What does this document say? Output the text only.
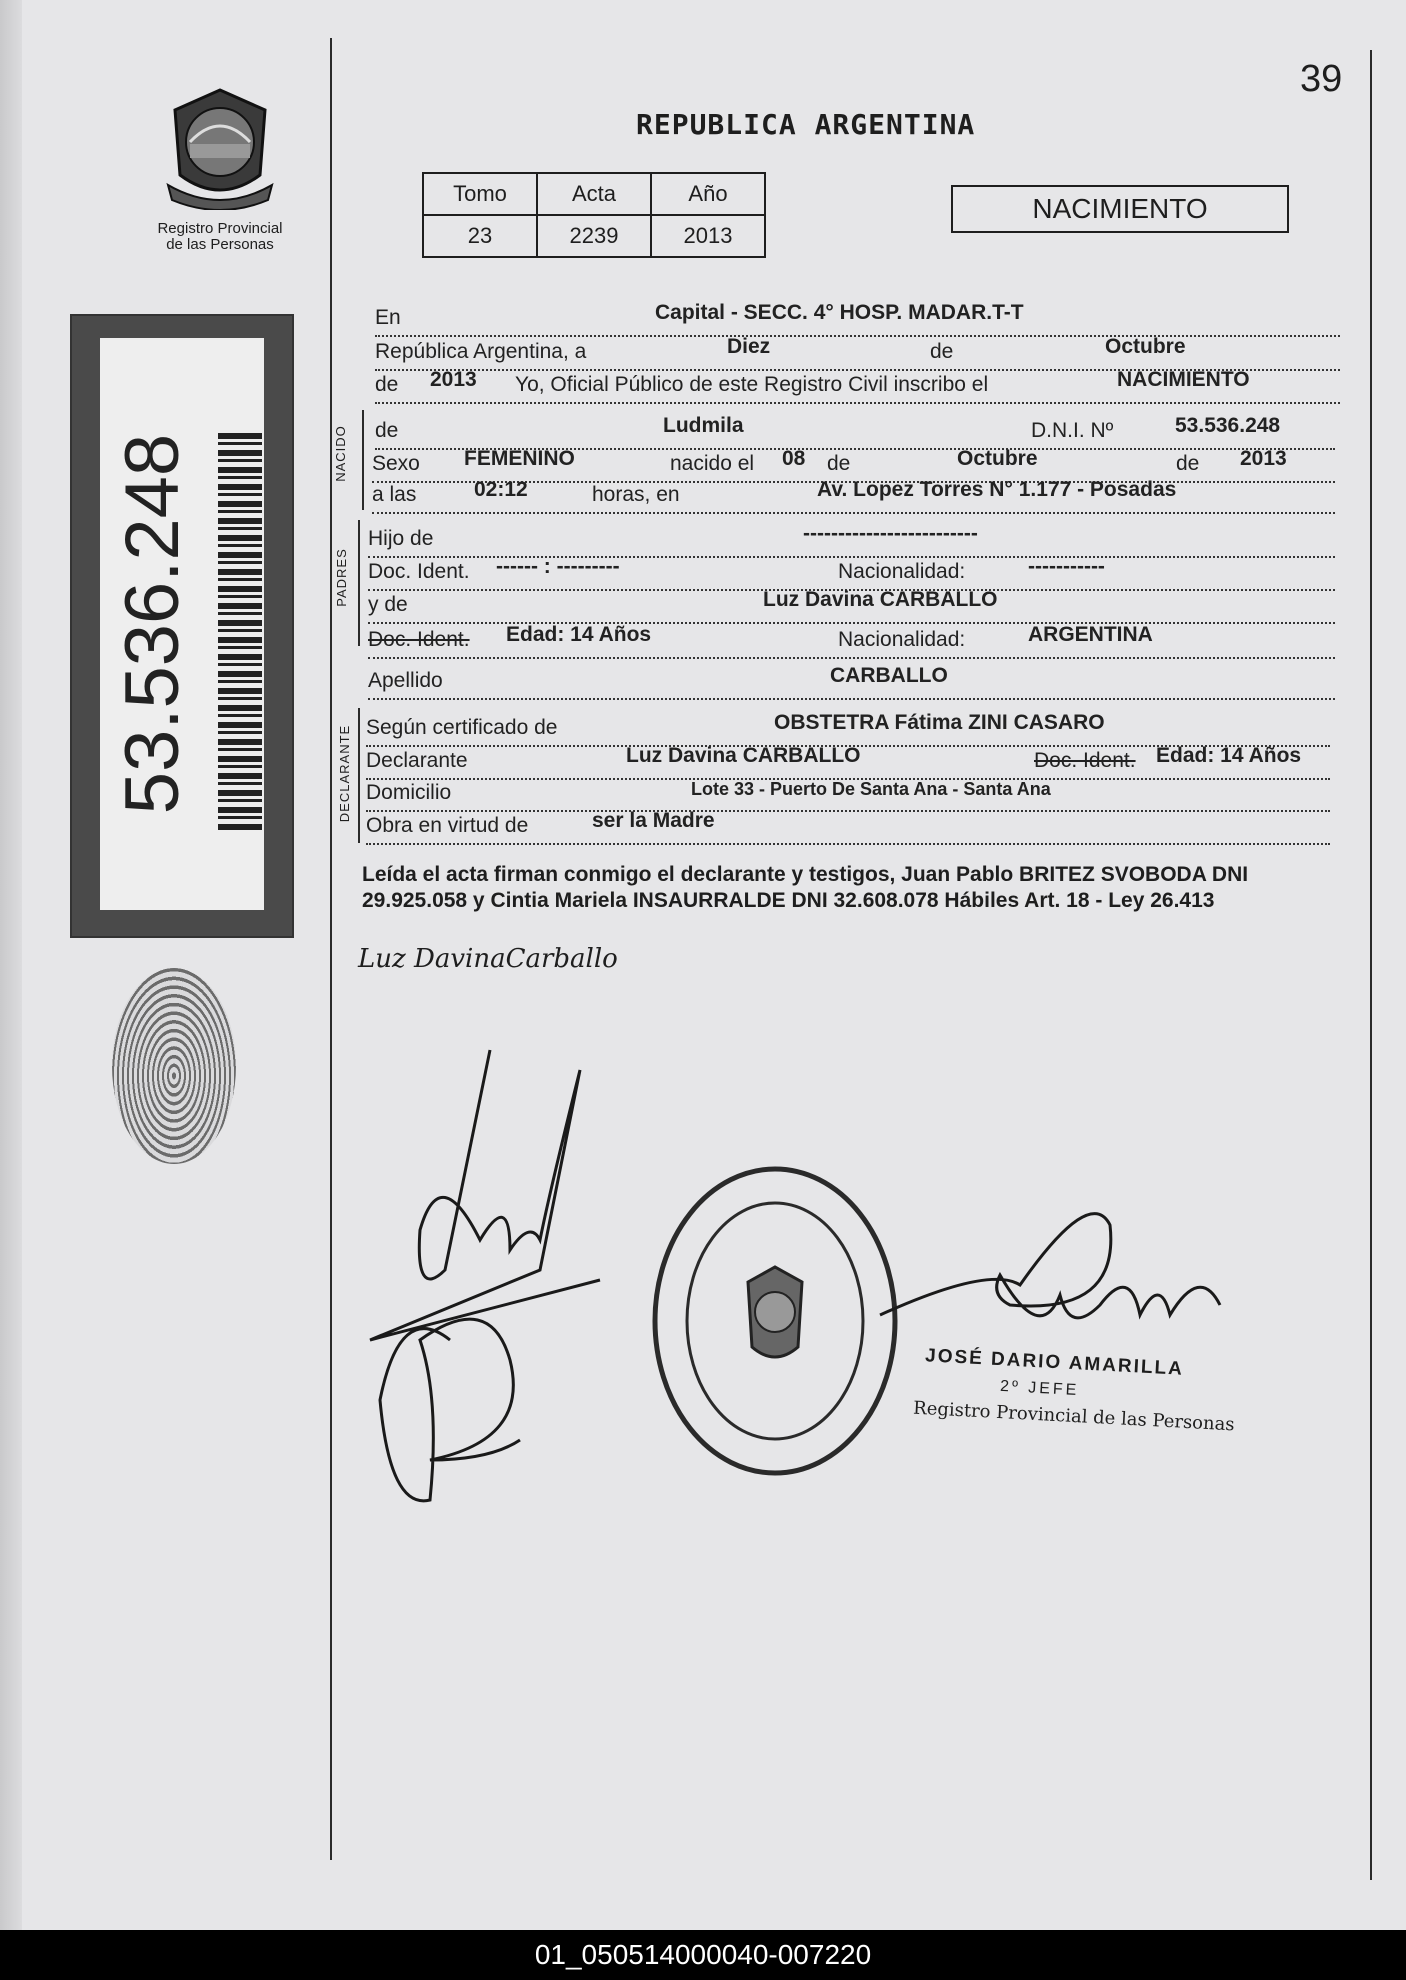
39
REPUBLICA ARGENTINA
Tomo	Acta	Año
23	2239	2013
NACIMIENTO
Registro Provincial
de las Personas
53.536.248	NACIDO
PADRES
DECLARANTE
En	Capital - SECC. 4° HOSP. MADAR.T-T
República Argentina, a	Diez	de	Octubre
de 2013 Yo, Oficial Público de este Registro Civil inscribo el	NACIMIENTO
de	Ludmila	D.N.I. Nº	53.536.248
Sexo FEMENINO	nacido el 08 de	Octubre	de 2013
a las	02:12	horas, en	Av. Lopez Torres N° 1.177 - Posadas
Hijo de	-------------------------
Doc. Ident. ------ : ---------	Nacionalidad:	-----------
y de	Luz Davina CARBALLO
Doc. Ident. Edad: 14 Años	Nacionalidad:	ARGENTINA
Apellido	CARBALLO
Según certificado de	OBSTETRA Fátima ZINI CASARO
Declarante	Luz Davina CARBALLO	Doc. Ident. Edad: 14 Años
Domicilio	Lote 33 - Puerto De Santa Ana - Santa Ana
Obra en virtud de	ser la Madre
Leída el acta firman conmigo el declarante y testigos, Juan Pablo BRITEZ SVOBODA DNI 29.925.058 y Cintia Mariela INSAURRALDE DNI 32.608.078 Hábiles Art. 18 - Ley 26.413
Luz DavinaCarballo
JOSÉ DARIO AMARILLA
2º JEFE
Registro Provincial de las Personas
01_050514000040-007220
